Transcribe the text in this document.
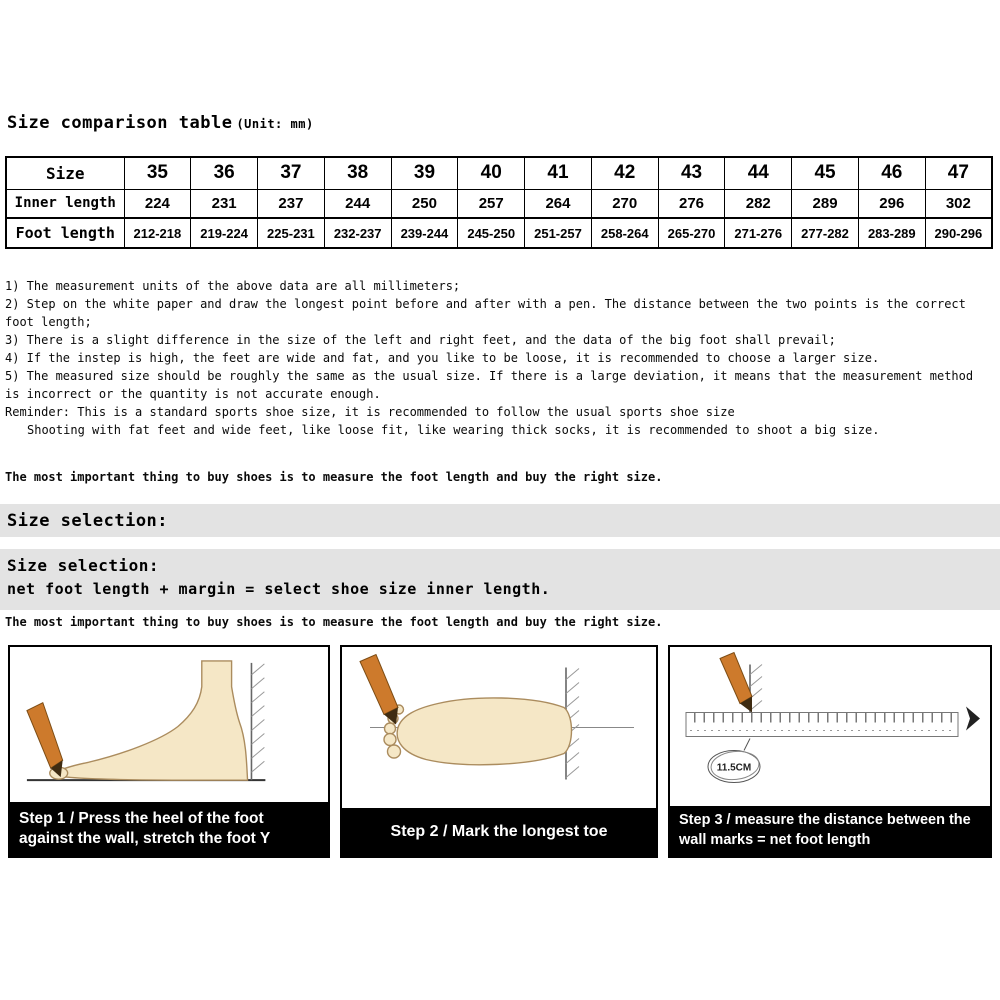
Size comparison table (Unit: mm)
Size	35	36	37	38	39	40	41	42	43	44	45	46	47
Inner length	224	231	237	244	250	257	264	270	276	282	289	296	302
Foot length	212-218	219-224	225-231	232-237	239-244	245-250	251-257	258-264	265-270	271-276	277-282	283-289	290-296
1) The measurement units of the above data are all millimeters;
2) Step on the white paper and draw the longest point before and after with a pen. The distance between the two points is the correct foot length;
3) There is a slight difference in the size of the left and right feet, and the data of the big foot shall prevail;
4) If the instep is high, the feet are wide and fat, and you like to be loose, it is recommended to choose a larger size.
5) The measured size should be roughly the same as the usual size. If there is a large deviation, it means that the measurement method is incorrect or the quantity is not accurate enough.
Reminder: This is a standard sports shoe size, it is recommended to follow the usual sports shoe size
Shooting with fat feet and wide feet, like loose fit, like wearing thick socks, it is recommended to shoot a big size.
The most important thing to buy shoes is to measure the foot length and buy the right size.
Size selection:
Size selection:
net foot length + margin = select shoe size inner length.
The most important thing to buy shoes is to measure the foot length and buy the right size.
Step 1 / Press the heel of the foot against the wall, stretch the foot Y	Step 2 / Mark the longest toe
11.5CM
Step 3 / measure the distance between the wall marks = net foot length
